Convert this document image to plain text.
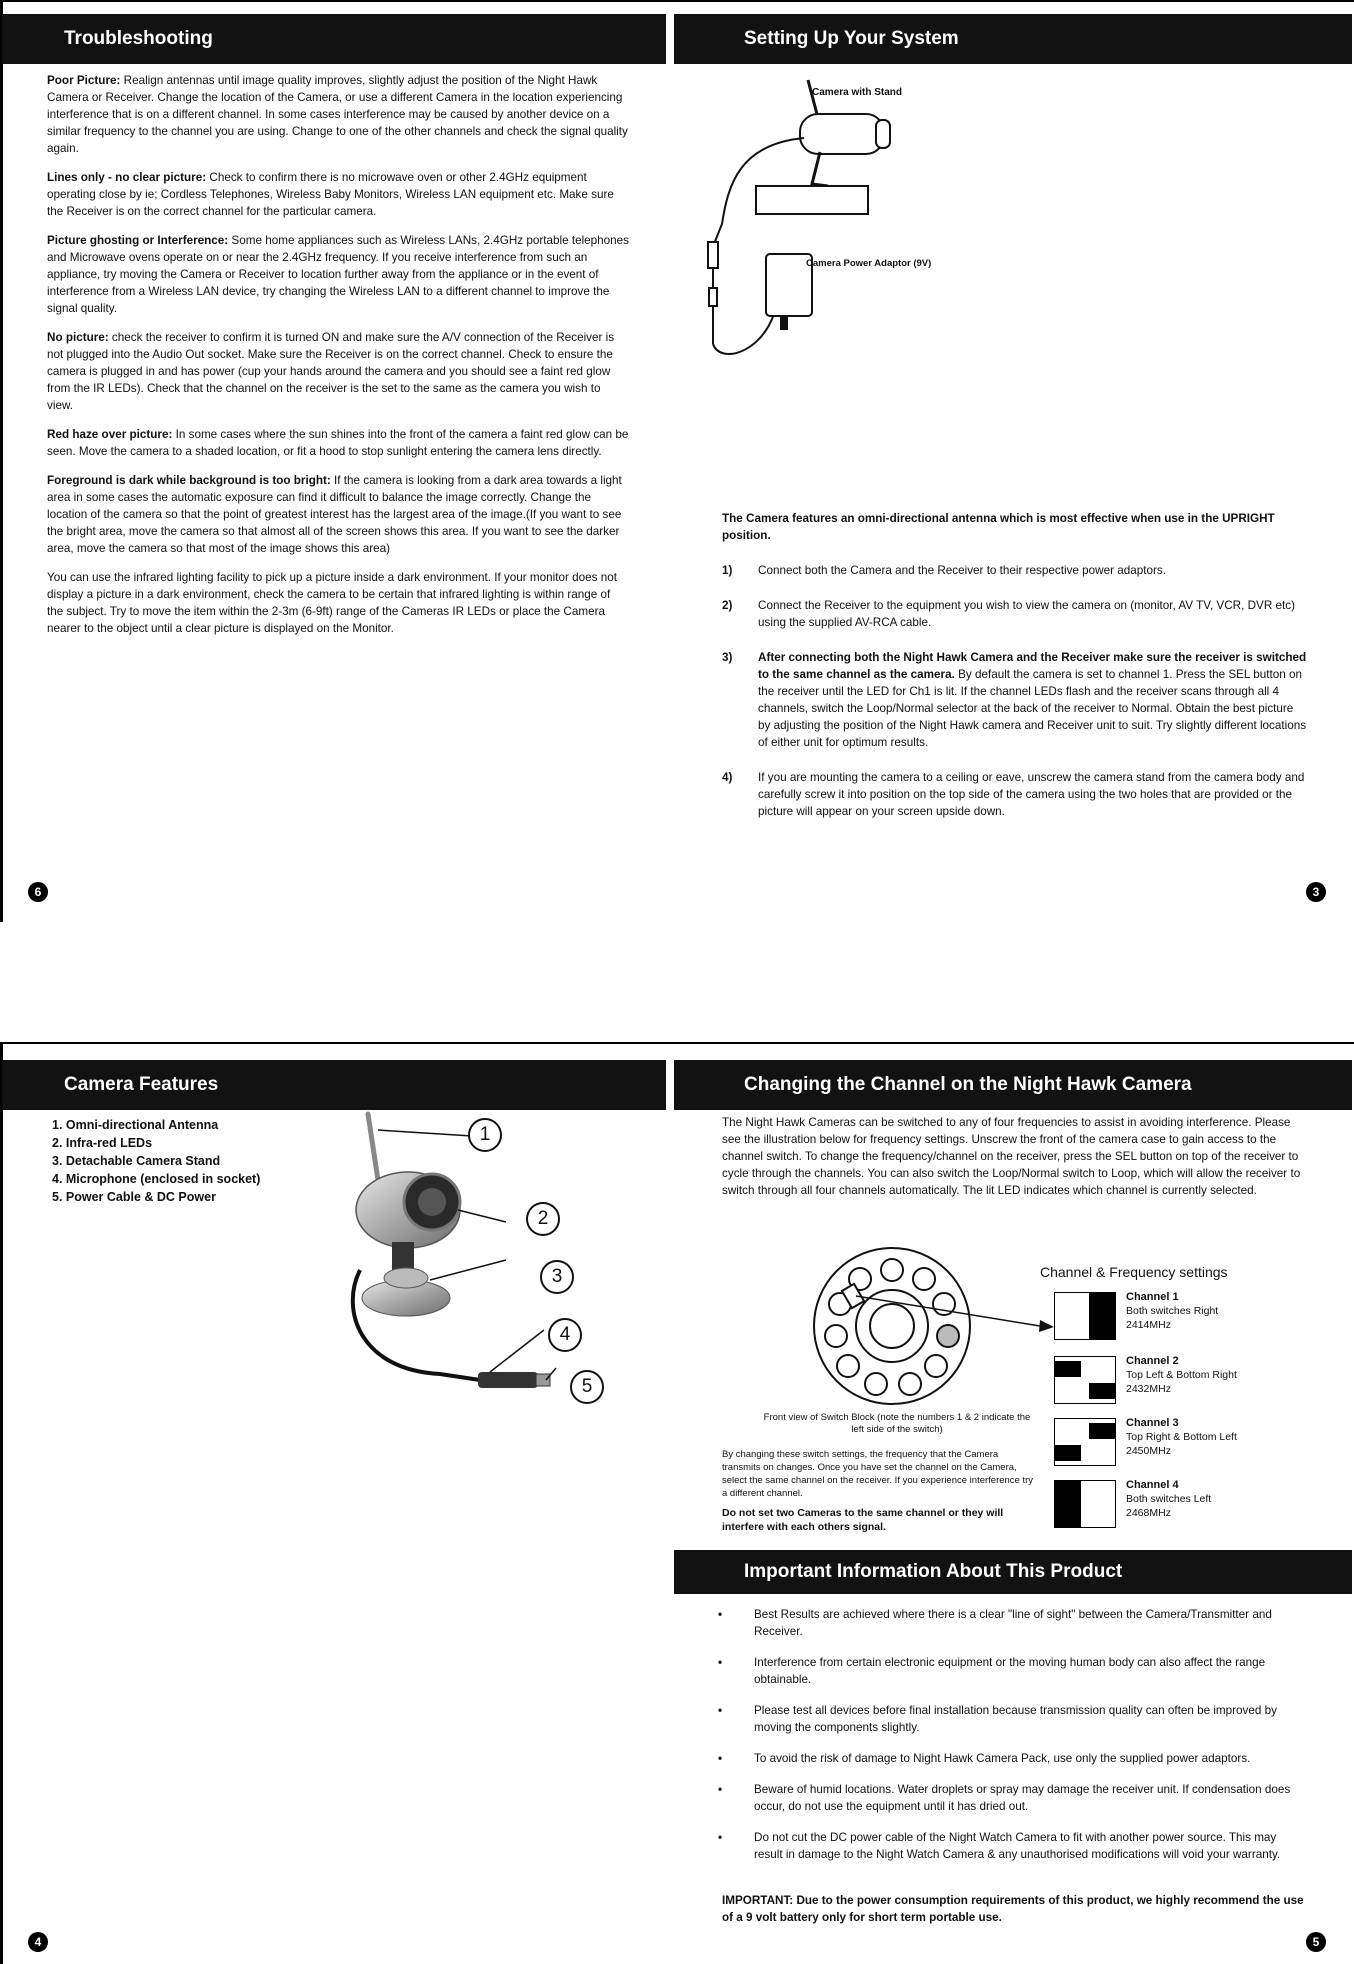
Troubleshooting	Setting Up Your System

Poor Picture: Realign antennas until image quality improves, slightly adjust the position of the Night Hawk Camera or Receiver. Change the location of the Camera, or use a different Camera in the location experiencing interference that is on a different channel. In some cases interference may be caused by another device on a similar frequency to the channel you are using. Change to one of the other channels and check the signal quality again.

Lines only - no clear picture: Check to confirm there is no microwave oven or other 2.4GHz equipment operating close by ie; Cordless Telephones, Wireless Baby Monitors, Wireless LAN equipment etc. Make sure the Receiver is on the correct channel for the particular camera.

Picture ghosting or Interference: Some home appliances such as Wireless LANs, 2.4GHz portable telephones and Microwave ovens operate on or near the 2.4GHz frequency. If you receive interference from such an appliance, try moving the Camera or Receiver to location further away from the appliance or in the event of interference from a Wireless LAN device, try changing the Wireless LAN to a different channel to improve the signal quality.

No picture: check the receiver to confirm it is turned ON and make sure the A/V connection of the Receiver is not plugged into the Audio Out socket. Make sure the Receiver is on the correct channel. Check to ensure the camera is plugged in and has power (cup your hands around the camera and you should see a faint red glow from the IR LEDs). Check that the channel on the receiver is the set to the same as the camera you wish to view.

Red haze over picture: In some cases where the sun shines into the front of the camera a faint red glow can be seen. Move the camera to a shaded location, or fit a hood to stop sunlight entering the camera lens directly.

Foreground is dark while background is too bright: If the camera is looking from a dark area towards a light area in some cases the automatic exposure can find it difficult to balance the image correctly. Change the location of the camera so that the point of greatest interest has the largest area of the image.(If you want to see the bright area, move the camera so that almost all of the screen shows this area. If you want to see the darker area, move the camera so that most of the image shows this area)

You can use the infrared lighting facility to pick up a picture inside a dark environment. If your monitor does not display a picture in a dark environment, check the camera to be certain that infrared lighting is within range of the subject. Try to move the item within the 2-3m (6-9ft) range of the Cameras IR LEDs or place the Camera nearer to the object until a clear picture is displayed on the Monitor.

Camera with Stand
Camera Power Adaptor (9V)
The Camera features an omni-directional antenna which is most effective when use in the UPRIGHT position.
1) Connect both the Camera and the Receiver to their respective power adaptors.
2) Connect the Receiver to the equipment you wish to view the camera on (monitor, AV TV, VCR, DVR etc) using the supplied AV-RCA cable.
3) After connecting both the Night Hawk Camera and the Receiver make sure the receiver is switched to the same channel as the camera. By default the camera is set to channel 1. Press the SEL button on the receiver until the LED for Ch1 is lit. If the channel LEDs flash and the receiver scans through all 4 channels, switch the Loop/Normal selector at the back of the receiver to Normal. Obtain the best picture by adjusting the position of the Night Hawk camera and Receiver unit to suit. Try slightly different locations of either unit for optimum results.
4) If you are mounting the camera to a ceiling or eave, unscrew the camera stand from the camera body and carefully screw it into position on the top side of the camera using the two holes that are provided or the picture will appear on your screen upside down.
6	3
Camera Features	Changing the Channel on the Night Hawk Camera
1. Omni-directional Antenna
2. Infra-red LEDs
3. Detachable Camera Stand
4. Microphone (enclosed in socket)
5. Power Cable & DC Power
1
2
3
4
5
The Night Hawk Cameras can be switched to any of four frequencies to assist in avoiding interference. Please see the illustration below for frequency settings. Unscrew the front of the camera case to gain access to the channel switch. To change the frequency/channel on the receiver, press the SEL button on top of the receiver to cycle through the channels. You can also switch the Loop/Normal switch to Loop, which will allow the receiver to switch through all four channels automatically. The lit LED indicates which channel is currently selected.
Front view of Switch Block (note the numbers 1 & 2 indicate the left side of the switch)
By changing these switch settings, the frequency that the Camera transmits on changes. Once you have set the channel on the Camera, select the same channel on the receiver. If you experience interference try a different channel.
Do not set two Cameras to the same channel or they will interfere with each others signal.
Channel & Frequency settings
Channel 1
Both switches Right
2414MHz
Channel 2
Top Left & Bottom Right
2432MHz
Channel 3
Top Right & Bottom Left
2450MHz
Channel 4
Both switches Left
2468MHz
Important Information About This Product
• Best Results are achieved where there is a clear "line of sight" between the Camera/Transmitter and Receiver.
• Interference from certain electronic equipment or the moving human body can also affect the range obtainable.
• Please test all devices before final installation because transmission quality can often be improved by moving the components slightly.
• To avoid the risk of damage to Night Hawk Camera Pack, use only the supplied power adaptors.
• Beware of humid locations. Water droplets or spray may damage the receiver unit. If condensation does occur, do not use the equipment until it has dried out.
• Do not cut the DC power cable of the Night Watch Camera to fit with another power source. This may result in damage to the Night Watch Camera & any unauthorised modifications will void your warranty.
IMPORTANT: Due to the power consumption requirements of this product, we highly recommend the use of a 9 volt battery only for short term portable use.
4	5
